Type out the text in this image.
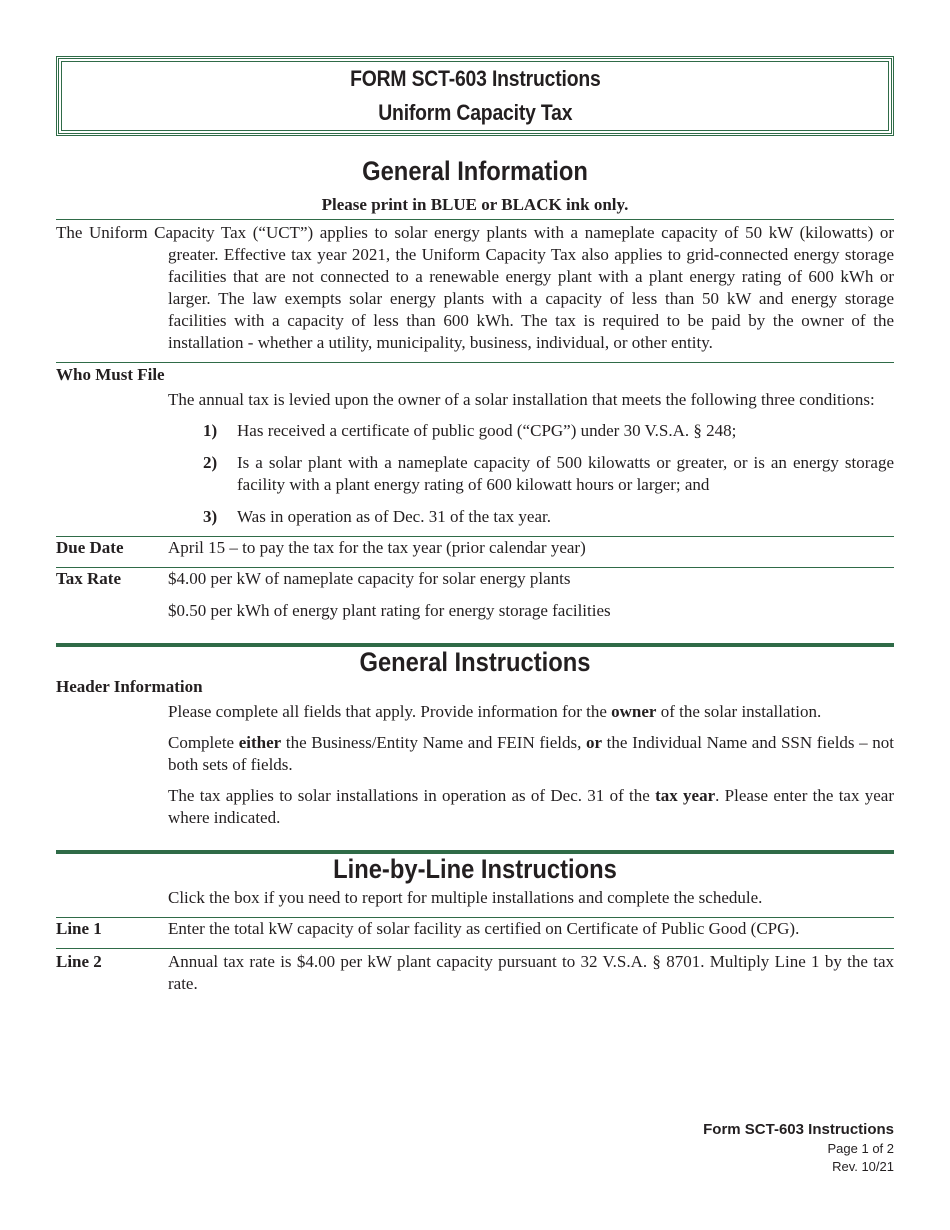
FORM SCT-603 Instructions
Uniform Capacity Tax
General Information
Please print in BLUE or BLACK ink only.

The Uniform Capacity Tax (“UCT”) applies to solar energy plants with a nameplate capacity of 50 kW (kilowatts) or greater. Effective tax year 2021, the Uniform Capacity Tax also applies to grid-connected energy storage facilities that are not connected to a renewable energy plant with a plant energy rating of 600 kWh or larger. The law exempts solar energy plants with a capacity of less than 50 kW and energy storage facilities with a capacity of less than 600 kWh. The tax is required to be paid by the owner of the installation - whether a utility, municipality, business, individual, or other entity.

Who Must File

The annual tax is levied upon the owner of a solar installation that meets the following three conditions:

1)	Has received a certificate of public good (“CPG”) under 30 V.S.A. § 248;
2)	Is a solar plant with a nameplate capacity of 500 kilowatts or greater, or is an energy storage facility with a plant energy rating of 600 kilowatt hours or larger; and
3)	Was in operation as of Dec. 31 of the tax year.
Due Date	April 15 – to pay the tax for the tax year (prior calendar year)
Tax Rate	$4.00 per kW of nameplate capacity for solar energy plants

$0.50 per kWh of energy plant rating for energy storage facilities

General Instructions
Header Information

Please complete all fields that apply. Provide information for the owner of the solar installation.

Complete either the Business/Entity Name and FEIN fields, or the Individual Name and SSN fields – not both sets of fields.

The tax applies to solar installations in operation as of Dec. 31 of the tax year. Please enter the tax year where indicated.

Line-by-Line Instructions

Click the box if you need to report for multiple installations and complete the schedule.

Line 1	Enter the total kW capacity of solar facility as certified on Certificate of Public Good (CPG).
Line 2	Annual tax rate is $4.00 per kW plant capacity pursuant to 32 V.S.A. § 8701. Multiply Line 1 by the tax rate.
Form SCT-603 Instructions
Page 1 of 2
Rev. 10/21
